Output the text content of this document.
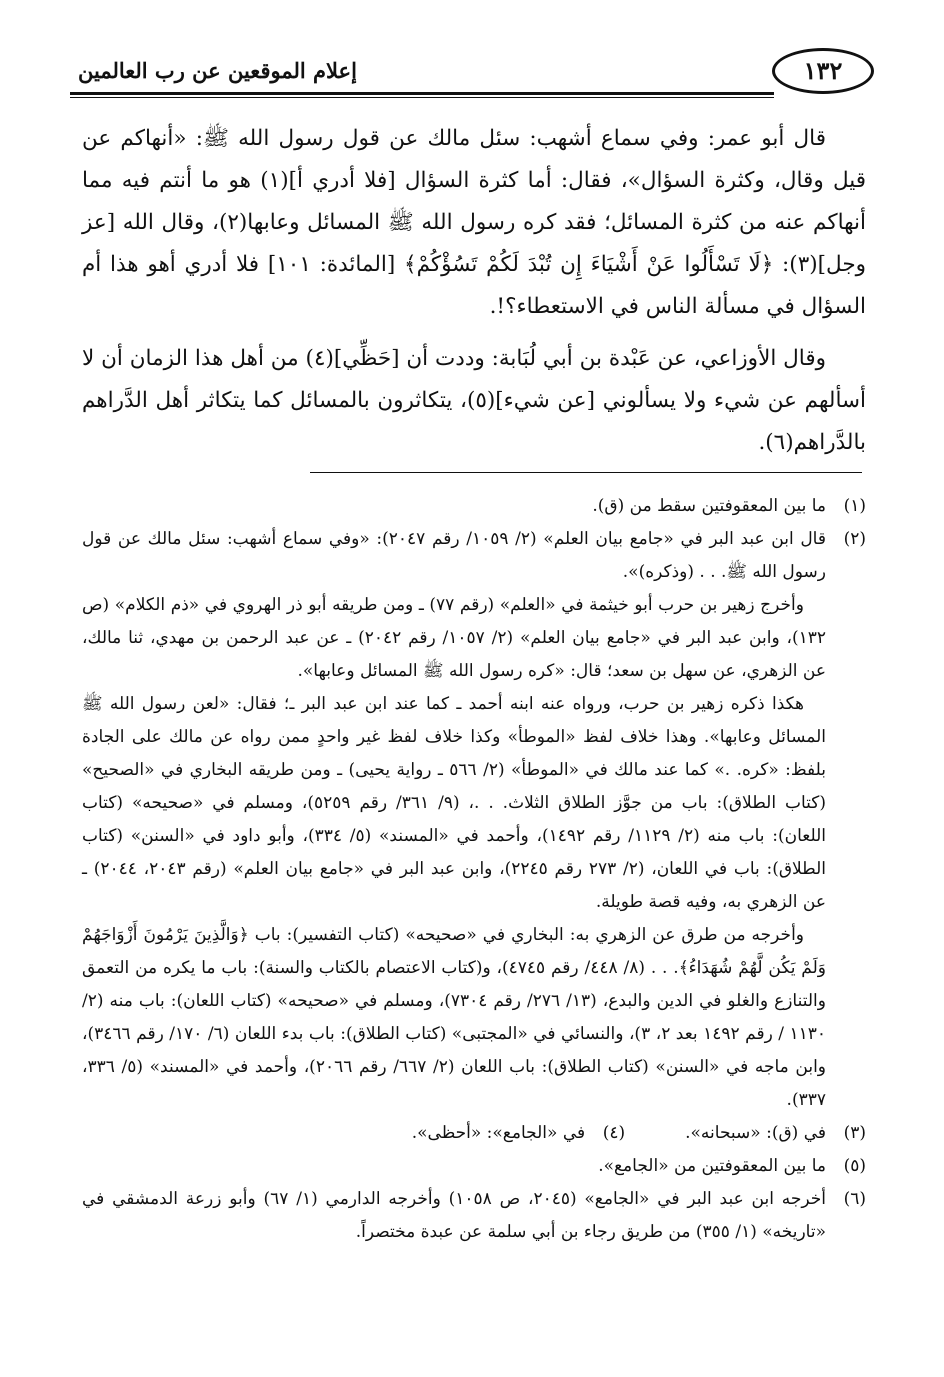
١٣٢
إعلام الموقعين عن رب العالمين

قال أبو عمر: وفي سماع أشهب: سئل مالك عن قول رسول الله ﷺ: «أنهاكم عن قيل وقال، وكثرة السؤال»، فقال: أما كثرة السؤال [فلا أدري أ](١) هو ما أنتم فيه مما أنهاكم عنه من كثرة المسائل؛ فقد كره رسول الله ﷺ المسائل وعابها(٢)، وقال الله [عز وجل](٣): ﴿لَا تَسْأَلُوا عَنْ أَشْيَاءَ إِن تُبْدَ لَكُمْ تَسُؤْكُمْ﴾ [المائدة: ١٠١] فلا أدري أهو هذا أم السؤال في مسألة الناس في الاستعطاء؟!.

وقال الأوزاعي، عن عَبْدة بن أبي لُبَابة: وددت أن [حَظِّي](٤) من أهل هذا الزمان أن لا أسألهم عن شيء ولا يسألوني [عن شيء](٥)، يتكاثرون بالمسائل كما يتكاثر أهل الدَّراهم بالدَّراهم(٦).

(١)
ما بين المعقوفتين سقط من (ق).
(٢)
قال ابن عبد البر في «جامع بيان العلم» (٢/ ١٠٥٩/ رقم ٢٠٤٧): «وفي سماع أشهب: سئل مالك عن قول رسول الله ﷺ. . . (وذكره)».

وأخرج زهير بن حرب أبو خيثمة في «العلم» (رقم ٧٧) ـ ومن طريقه أبو ذر الهروي في «ذم الكلام» (ص ١٣٢)، وابن عبد البر في «جامع بيان العلم» (٢/ ١٠٥٧/ رقم ٢٠٤٢) ـ عن عبد الرحمن بن مهدي، ثنا مالك، عن الزهري، عن سهل بن سعد؛ قال: «كره رسول الله ﷺ المسائل وعابها».

هكذا ذكره زهير بن حرب، ورواه عنه ابنه أحمد ـ كما عند ابن عبد البر ـ؛ فقال: «لعن رسول الله ﷺ المسائل وعابها». وهذا خلاف لفظ «الموطأ» وكذا خلاف لفظ غير واحدٍ ممن رواه عن مالك على الجادة بلفظ: «كره. .» كما عند مالك في «الموطأ» (٢/ ٥٦٦ ـ رواية يحيى) ـ ومن طريقه البخاري في «الصحيح» (كتاب الطلاق): باب من جوَّز الطلاق الثلاث. . .، (٩/ ٣٦١/ رقم ٥٢٥٩)، ومسلم في «صحيحه» (كتاب اللعان): باب منه (٢/ ١١٢٩/ رقم ١٤٩٢)، وأحمد في «المسند» (٥/ ٣٣٤)، وأبو داود في «السنن» (كتاب الطلاق): باب في اللعان، (٢/ ٢٧٣ رقم ٢٢٤٥)، وابن عبد البر في «جامع بيان العلم» (رقم ٢٠٤٣، ٢٠٤٤) ـ عن الزهري به، وفيه قصة طويلة.

وأخرجه من طرق عن الزهري به: البخاري في «صحيحه» (كتاب التفسير): باب ﴿وَالَّذِينَ يَرْمُونَ أَزْوَاجَهُمْ وَلَمْ يَكُن لَّهُمْ شُهَدَاءُ﴾. . . (٨/ ٤٤٨/ رقم ٤٧٤٥)، و(كتاب الاعتصام بالكتاب والسنة): باب ما يكره من التعمق والتنازع والغلو في الدين والبدع، (١٣/ ٢٧٦/ رقم ٧٣٠٤)، ومسلم في «صحيحه» (كتاب اللعان): باب منه (٢/ ١١٣٠ / رقم ١٤٩٢ بعد ٢، ٣)، والنسائي في «المجتبى» (كتاب الطلاق): باب بدء اللعان (٦/ ١٧٠/ رقم ٣٤٦٦)، وابن ماجه في «السنن» (كتاب الطلاق): باب اللعان (٢/ ٦٦٧/ رقم ٢٠٦٦)، وأحمد في «المسند» (٥/ ٣٣٦، ٣٣٧).

(٣)
في (ق): «سبحانه».
(٤)
في «الجامع»: «أحظى».
(٥)
ما بين المعقوفتين من «الجامع».
(٦)
أخرجه ابن عبد البر في «الجامع» (٢٠٤٥، ص ١٠٥٨) وأخرجه الدارمي (١/ ٦٧) وأبو زرعة الدمشقي في «تاريخه» (١/ ٣٥٥) من طريق رجاء بن أبي سلمة عن عبدة مختصراً.
